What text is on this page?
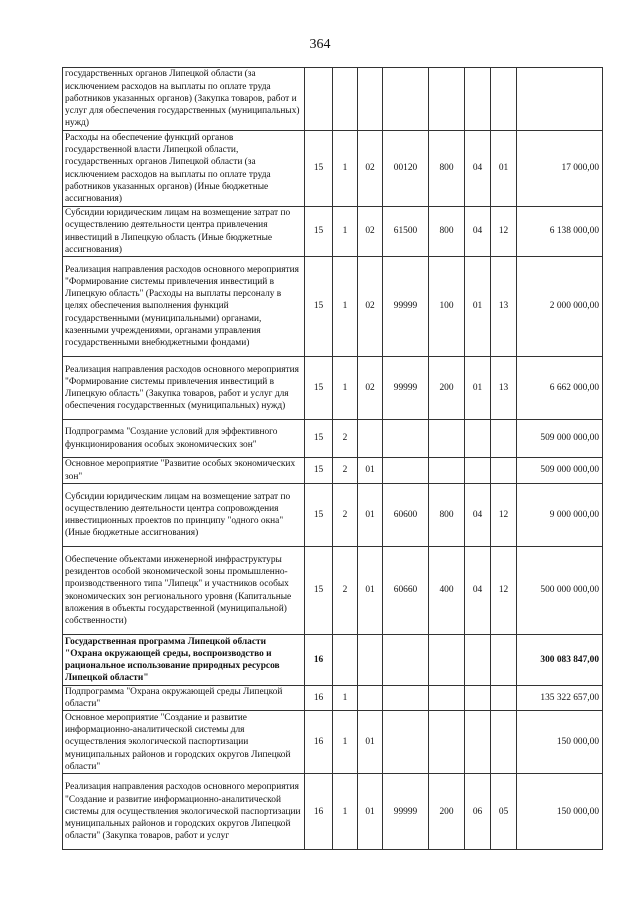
364
государственных органов Липецкой области (за исключением расходов на выплаты по оплате труда работников указанных органов) (Закупка товаров, работ и услуг для обеспечения государственных (муниципальных) нужд)								
Расходы на обеспечение функций органов государственной власти Липецкой области, государственных органов Липецкой области (за исключением расходов на выплаты по оплате труда работников указанных органов) (Иные бюджетные ассигнования)	15	1	02	00120	800	04	01	17 000,00
Субсидии юридическим лицам на возмещение затрат по осуществлению деятельности центра привлечения инвестиций в Липецкую область (Иные бюджетные ассигнования)	15	1	02	61500	800	04	12	6 138 000,00
Реализация направления расходов основного мероприятия "Формирование системы привлечения инвестиций в Липецкую область" (Расходы на выплаты персоналу в целях обеспечения выполнения функций государственными (муниципальными) органами, казенными учреждениями, органами управления государственными внебюджетными фондами)	15	1	02	99999	100	01	13	2 000 000,00
Реализация направления расходов основного мероприятия "Формирование системы привлечения инвестиций в Липецкую область" (Закупка товаров, работ и услуг для обеспечения государственных (муниципальных) нужд)	15	1	02	99999	200	01	13	6 662 000,00
Подпрограмма "Создание условий для эффективного функционирования особых экономических зон"	15	2						509 000 000,00
Основное мероприятие "Развитие особых экономических зон"	15	2	01					509 000 000,00
Субсидии юридическим лицам на возмещение затрат по осуществлению деятельности центра сопровождения инвестиционных проектов по принципу "одного окна" (Иные бюджетные ассигнования)	15	2	01	60600	800	04	12	9 000 000,00
Обеспечение объектами инженерной инфраструктуры резидентов особой экономической зоны промышленно-производственного типа "Липецк" и участников особых экономических зон регионального уровня (Капитальные вложения в объекты государственной (муниципальной) собственности)	15	2	01	60660	400	04	12	500 000 000,00
Государственная программа Липецкой области "Охрана окружающей среды, воспроизводство и рациональное использование природных ресурсов Липецкой области"	16							300 083 847,00
Подпрограмма "Охрана окружающей среды Липецкой области"	16	1						135 322 657,00
Основное мероприятие "Создание и развитие информационно-аналитической системы для осуществления экологической паспортизации муниципальных районов и городских округов Липецкой области"	16	1	01					150 000,00
Реализация направления расходов основного мероприятия "Создание и развитие информационно-аналитической системы для осуществления экологической паспортизации муниципальных районов и городских округов Липецкой области" (Закупка товаров, работ и услуг	16	1	01	99999	200	06	05	150 000,00
